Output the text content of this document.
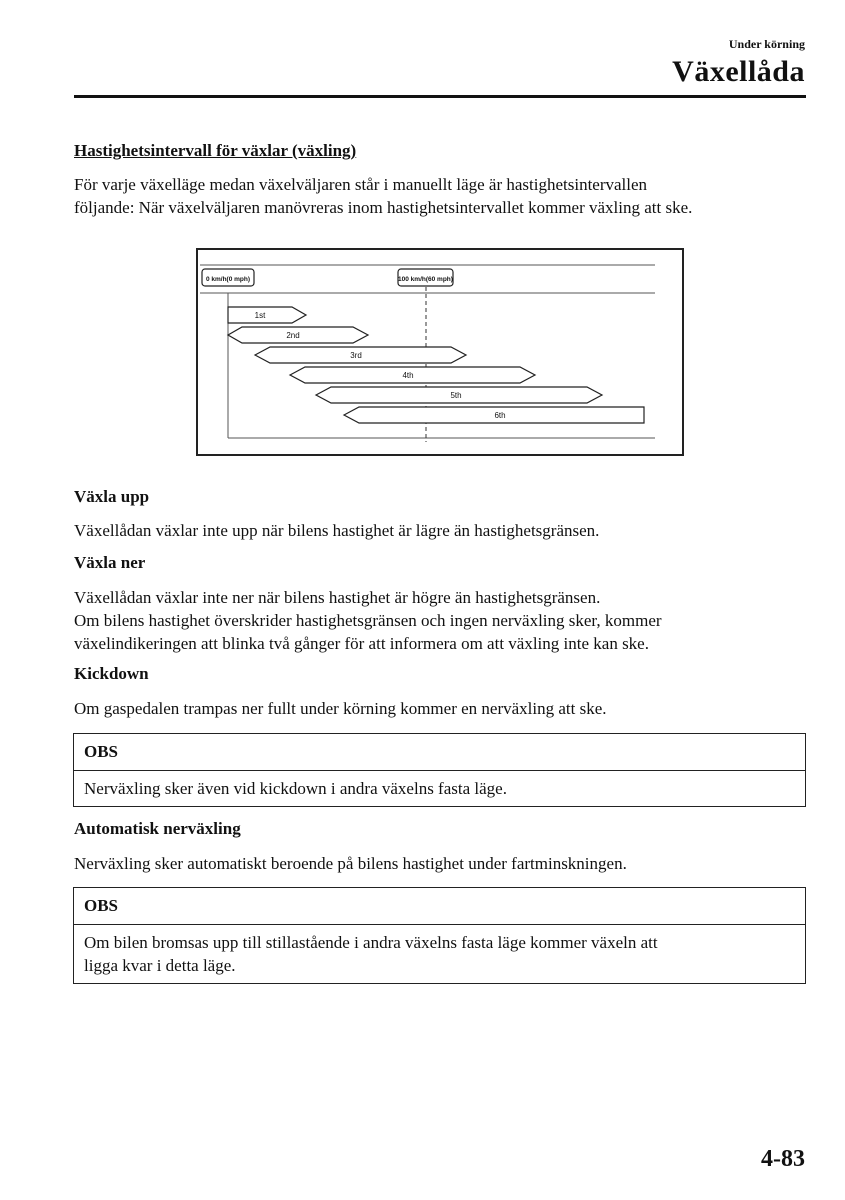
Under körning
Växellåda
Hastighetsintervall för växlar (växling)
För varje växelläge medan växelväljaren står i manuellt läge är hastighetsintervallen
följande: När växelväljaren manövreras inom hastighetsintervallet kommer växling att ske.
0 km/h(0 mph)	100 km/h(60 mph)
1st
2nd
3rd
4th
5th
6th
Växla upp
Växellådan växlar inte upp när bilens hastighet är lägre än hastighetsgränsen.
Växla ner
Växellådan växlar inte ner när bilens hastighet är högre än hastighetsgränsen.
Om bilens hastighet överskrider hastighetsgränsen och ingen nerväxling sker, kommer
växelindikeringen att blinka två gånger för att informera om att växling inte kan ske.
Kickdown
Om gaspedalen trampas ner fullt under körning kommer en nerväxling att ske.
OBS
Nerväxling sker även vid kickdown i andra växelns fasta läge.
Automatisk nerväxling
Nerväxling sker automatiskt beroende på bilens hastighet under fartminskningen.
OBS
Om bilen bromsas upp till stillastående i andra växelns fasta läge kommer växeln att
ligga kvar i detta läge.
4-83
